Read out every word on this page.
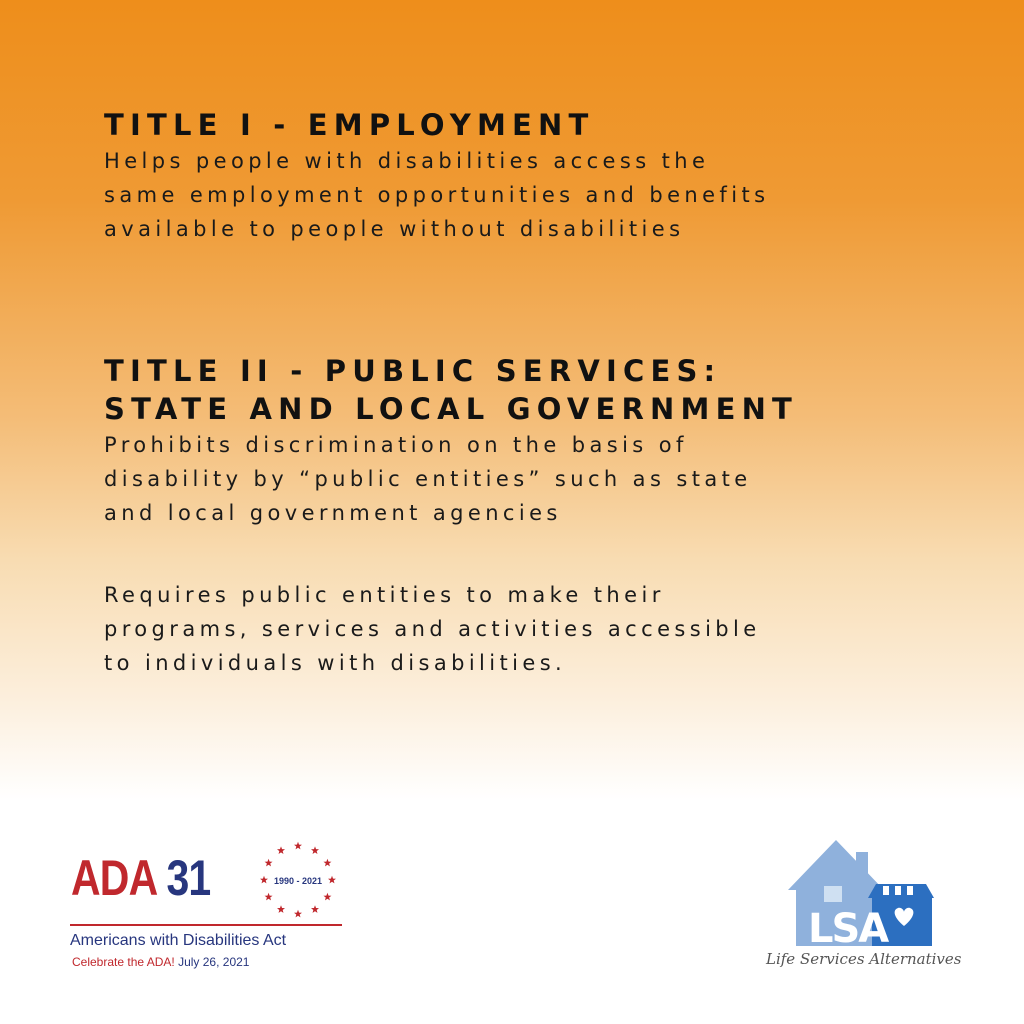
TITLE I - EMPLOYMENT

Helps people with disabilities access the

same employment opportunities and benefits

available to people without disabilities

TITLE II - PUBLIC SERVICES:

STATE AND LOCAL GOVERNMENT

Prohibits discrimination on the basis of

disability by “public entities” such as state

and local government agencies

Requires public entities to make their

programs, services and activities accessible

to individuals with disabilities.

ADA 31	1990 - 2021
Americans with Disabilities Act
Celebrate the ADA! July 26, 2021
LSA
Life Services Alternatives
